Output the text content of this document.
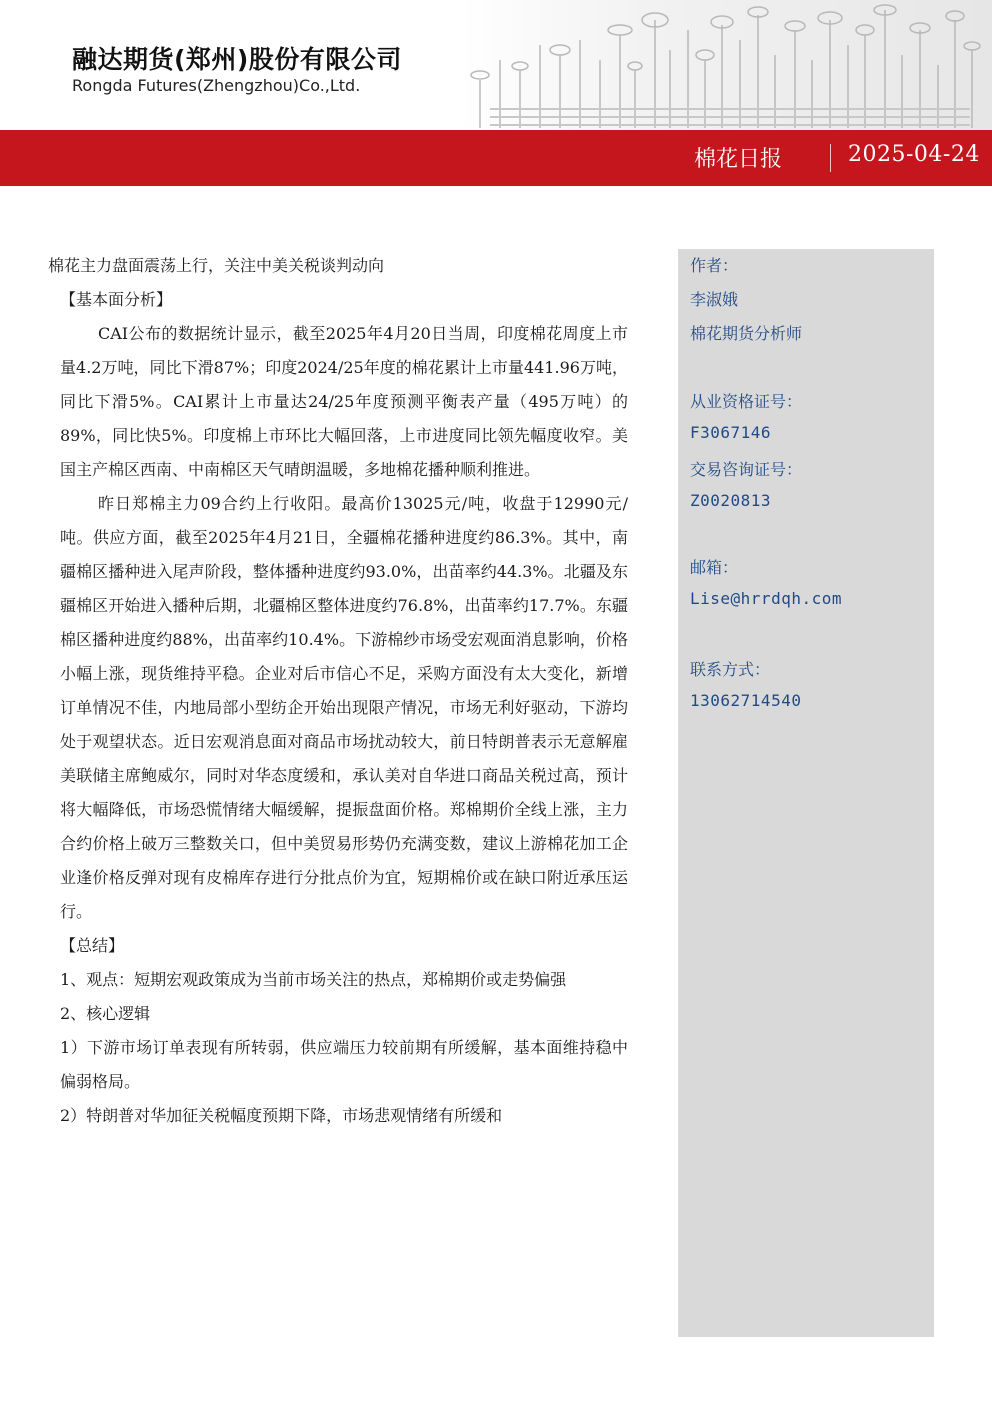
融达期货(郑州)股份有限公司
Rongda Futures(Zhengzhou)Co.,Ltd.
棉花日报	2025-04-24

棉花主力盘面震荡上行，关注中美关税谈判动向

【基本面分析】

CAI公布的数据统计显示，截至2025年4月20日当周，印度棉花周度上市量4.2万吨，同比下滑87%；印度2024/25年度的棉花累计上市量441.96万吨，同比下滑5%。CAI累计上市量达24/25年度预测平衡表产量（495万吨）的89%，同比快5%。印度棉上市环比大幅回落，上市进度同比领先幅度收窄。美国主产棉区西南、中南棉区天气晴朗温暖，多地棉花播种顺利推进。

昨日郑棉主力09合约上行收阳。最高价13025元/吨，收盘于12990元/吨。供应方面，截至2025年4月21日，全疆棉花播种进度约86.3%。其中，南疆棉区播种进入尾声阶段，整体播种进度约93.0%，出苗率约44.3%。北疆及东疆棉区开始进入播种后期，北疆棉区整体进度约76.8%，出苗率约17.7%。东疆棉区播种进度约88%，出苗率约10.4%。下游棉纱市场受宏观面消息影响，价格小幅上涨，现货维持平稳。企业对后市信心不足，采购方面没有太大变化，新增订单情况不佳，内地局部小型纺企开始出现限产情况，市场无利好驱动，下游均处于观望状态。近日宏观消息面对商品市场扰动较大，前日特朗普表示无意解雇美联储主席鲍威尔，同时对华态度缓和，承认美对自华进口商品关税过高，预计将大幅降低，市场恐慌情绪大幅缓解，提振盘面价格。郑棉期价全线上涨，主力合约价格上破万三整数关口，但中美贸易形势仍充满变数，建议上游棉花加工企业逢价格反弹对现有皮棉库存进行分批点价为宜，短期棉价或在缺口附近承压运行。

【总结】

1、观点：短期宏观政策成为当前市场关注的热点，郑棉期价或走势偏强

2、核心逻辑

1）下游市场订单表现有所转弱，供应端压力较前期有所缓解，基本面维持稳中偏弱格局。

2）特朗普对华加征关税幅度预期下降，市场悲观情绪有所缓和

作者：
李淑娥
棉花期货分析师
从业资格证号：
F3067146
交易咨询证号：
Z0020813
邮箱：
Lise@hrrdqh.com
联系方式：
13062714540
